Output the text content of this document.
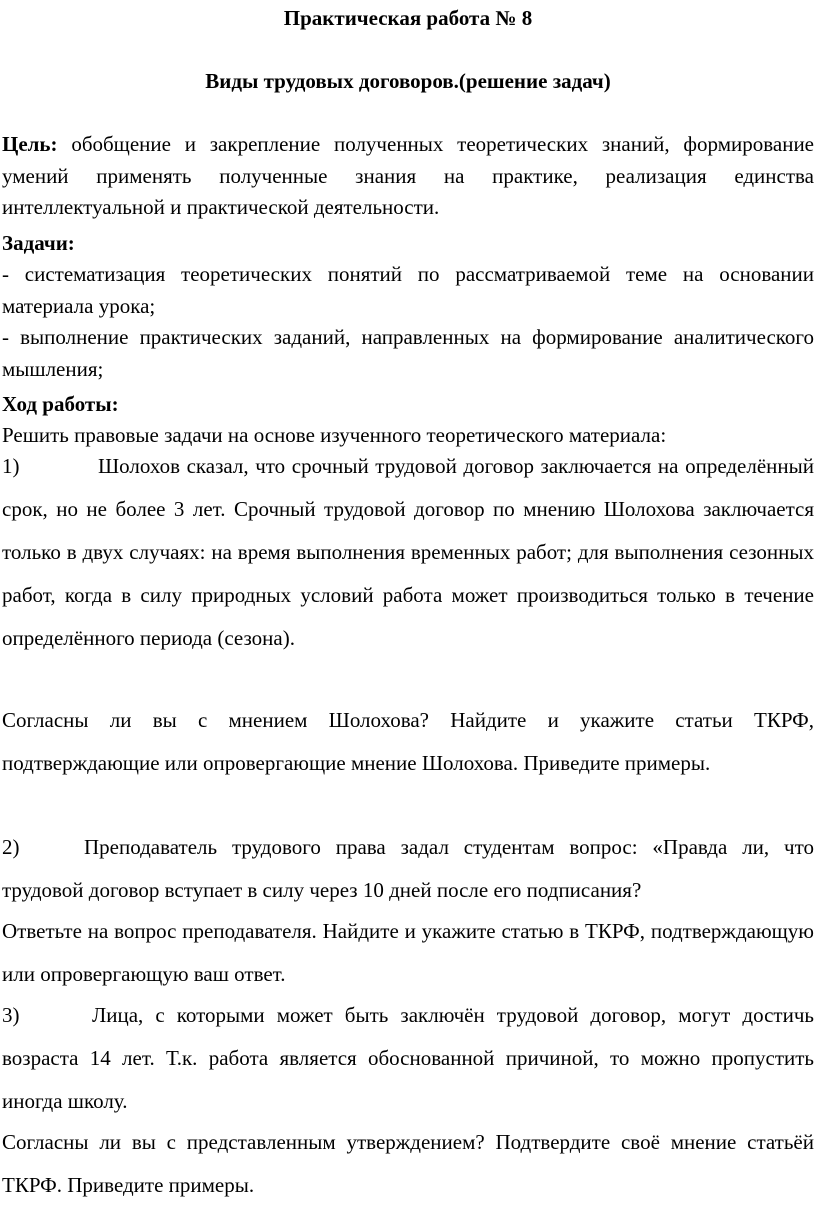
Практическая работа № 8
Виды трудовых договоров.(решение задач)

Цель: обобщение и закрепление полученных теоретических знаний, формирование умений применять полученные знания на практике, реализация единства интеллектуальной и практической деятельности.

Задачи:

- систематизация теоретических понятий по рассматриваемой теме на основании материала урока;

- выполнение практических заданий, направленных на формирование аналитического мышления;

Ход работы:

Решить правовые задачи на основе изученного теоретического материала:

1)	Шолохов сказал, что срочный трудовой договор заключается на определённый срок, но не более 3 лет. Срочный трудовой договор по мнению Шолохова заключается только в двух случаях: на время выполнения временных работ; для выполнения сезонных работ, когда в силу природных условий работа может производиться только в течение определённого периода (сезона).

Согласны ли вы с мнением Шолохова? Найдите и укажите статьи ТКРФ, подтверждающие или опровергающие мнение Шолохова. Приведите примеры.

2)	Преподаватель трудового права задал студентам вопрос: «Правда ли, что трудовой договор вступает в силу через 10 дней после его подписания?

Ответьте на вопрос преподавателя. Найдите и укажите статью в ТКРФ, подтверждающую или опровергающую ваш ответ.

3)	Лица, с которыми может быть заключён трудовой договор, могут достичь возраста 14 лет. Т.к. работа является обоснованной причиной, то можно пропустить иногда школу.

Согласны ли вы с представленным утверждением? Подтвердите своё мнение статьёй ТКРФ. Приведите примеры.
